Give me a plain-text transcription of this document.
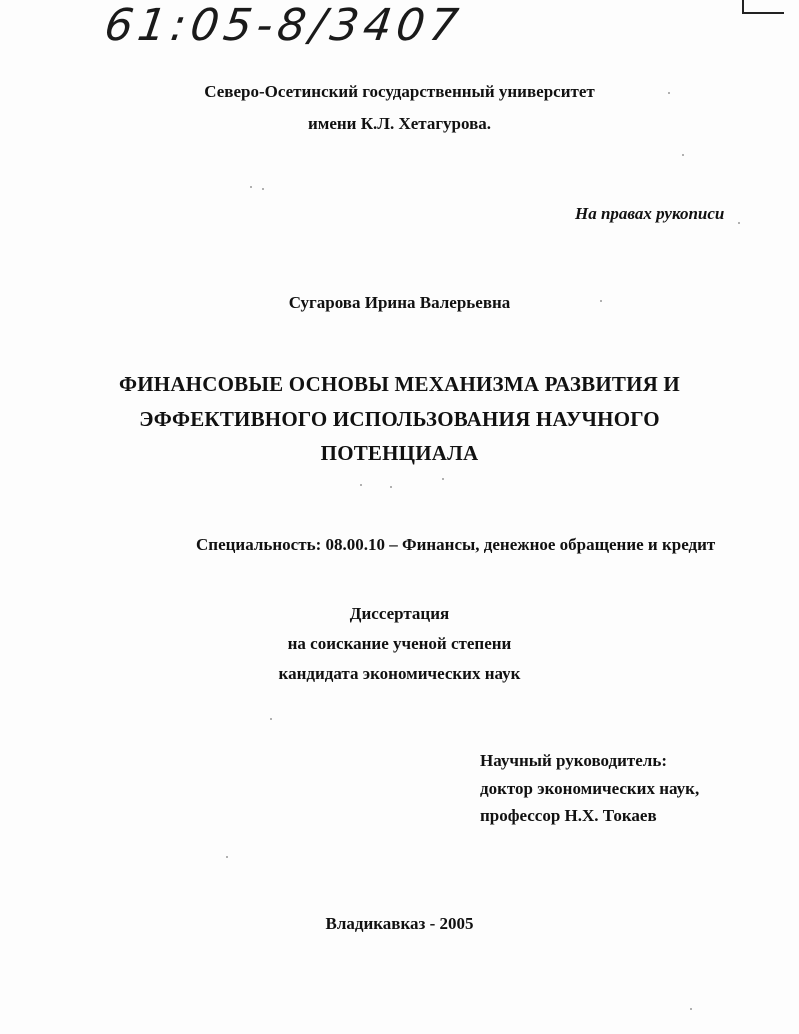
61:05-8/3407
Северо-Осетинский государственный университет
имени К.Л. Хетагурова.
На правах рукописи
Сугарова Ирина Валерьевна
ФИНАНСОВЫЕ ОСНОВЫ МЕХАНИЗМА РАЗВИТИЯ И
ЭФФЕКТИВНОГО ИСПОЛЬЗОВАНИЯ НАУЧНОГО
ПОТЕНЦИАЛА
Специальность: 08.00.10 – Финансы, денежное обращение и кредит
Диссертация
на соискание ученой степени
кандидата экономических наук
Научный руководитель:
доктор экономических наук,
профессор Н.Х. Токаев
Владикавказ - 2005
